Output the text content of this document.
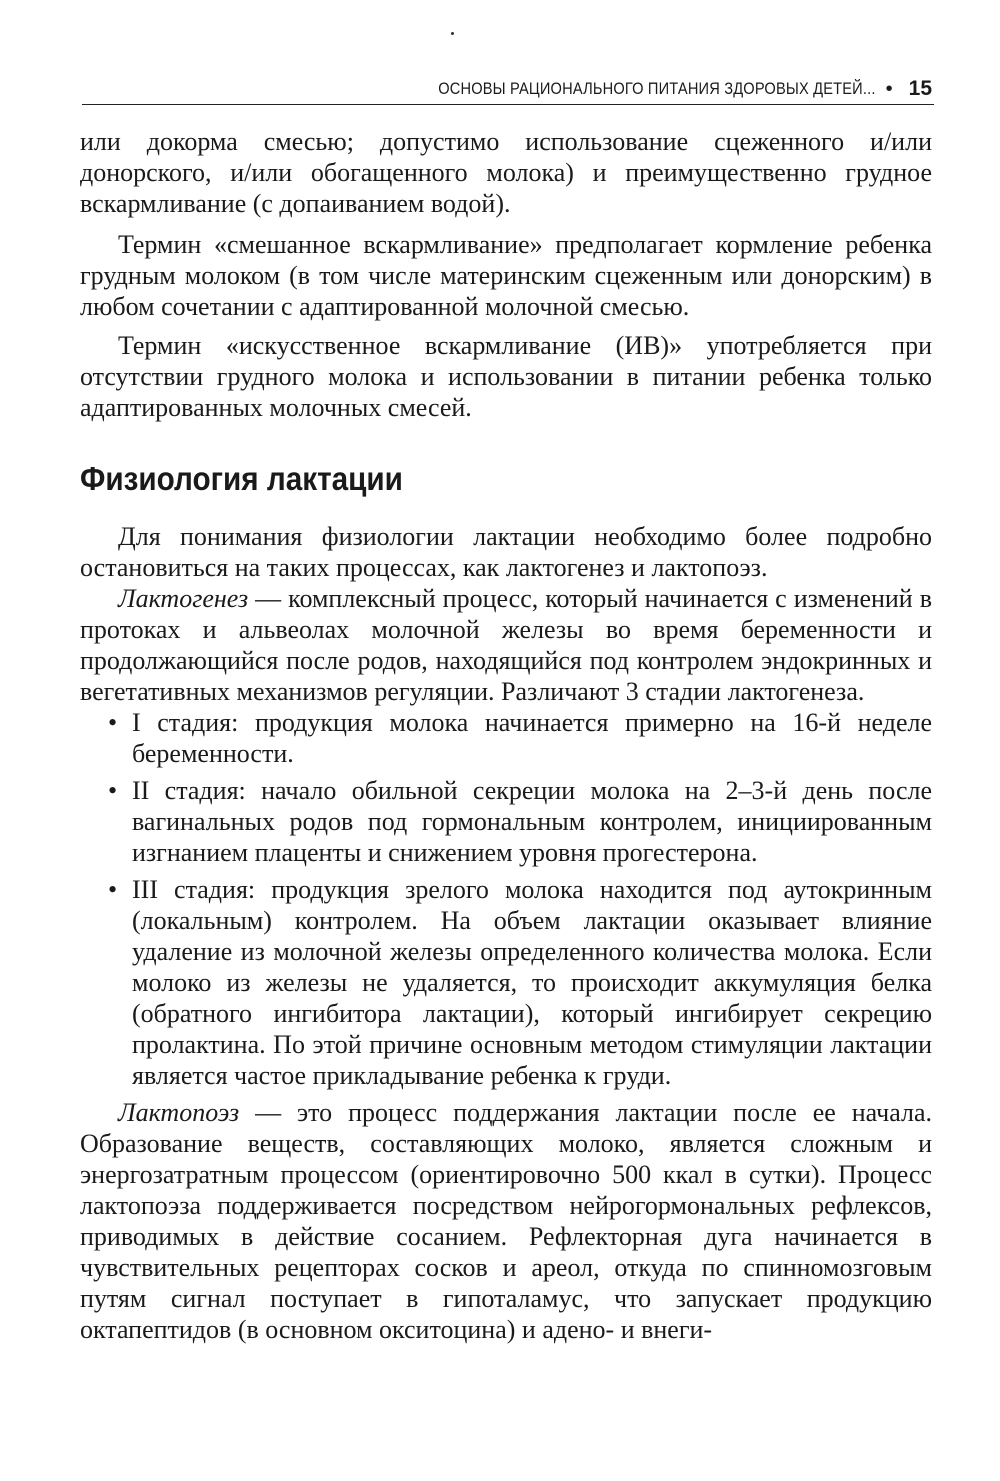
ОСНОВЫ РАЦИОНАЛЬНОГО ПИТАНИЯ ЗДОРОВЫХ ДЕТЕЙ... • 15

или докорма смесью; допустимо использование сцеженного и/или донорского, и/или обогащенного молока) и преимущественно грудное вскармливание (с допаиванием водой).

Термин «смешанное вскармливание» предполагает кормление ребенка грудным молоком (в том числе материнским сцеженным или донорским) в любом сочетании с адаптированной молочной смесью.

Термин «искусственное вскармливание (ИВ)» употребляется при отсутствии грудного молока и использовании в питании ребенка только адаптированных молочных смесей.

Физиология лактации

Для понимания физиологии лактации необходимо более подробно остановиться на таких процессах, как лактогенез и лактопоэз.

Лактогенез — комплексный процесс, который начинается с изменений в протоках и альвеолах молочной железы во время беременности и продолжающийся после родов, находящийся под контролем эндокринных и вегетативных механизмов регуляции. Различают 3 стадии лактогенеза.

• I стадия: продукция молока начинается примерно на 16-й неделе беременности.
• II стадия: начало обильной секреции молока на 2–3-й день после вагинальных родов под гормональным контролем, инициированным изгнанием плаценты и снижением уровня прогестерона.
• III стадия: продукция зрелого молока находится под аутокринным (локальным) контролем. На объем лактации оказывает влияние удаление из молочной железы определенного количества молока. Если молоко из железы не удаляется, то происходит аккумуляция белка (обратного ингибитора лактации), который ингибирует секрецию пролактина. По этой причине основным методом стимуляции лактации является частое прикладывание ребенка к груди.

Лактопоэз — это процесс поддержания лактации после ее начала. Образование веществ, составляющих молоко, является сложным и энергозатратным процессом (ориентировочно 500 ккал в сутки). Процесс лактопоэза поддерживается посредством нейрогормональных рефлексов, приводимых в действие сосанием. Рефлекторная дуга начинается в чувствительных рецепторах сосков и ареол, откуда по спинномозговым путям сигнал поступает в гипоталамус, что запускает продукцию октапептидов (в основном окситоцина) и адено- и внеги-
